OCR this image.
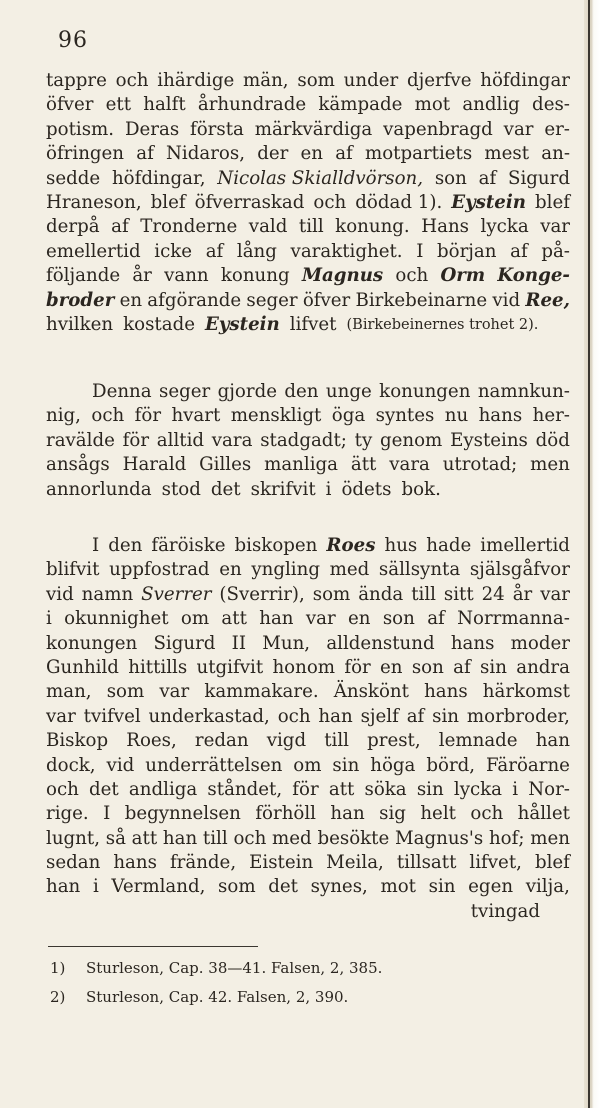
96
tappre och ihärdige män, som under djerfve höfdingar
öfver ett halft århundrade kämpade mot andlig des-
potism. Deras första märkvärdiga vapenbragd var er-
öfringen af Nidaros, der en af motpartiets mest an-
sedde höfdingar, Nicolas Skialldvörson, son af Sigurd
Hraneson, blef öfverraskad och dödad 1). Eystein blef
derpå af Tronderne vald till konung. Hans lycka var
emellertid icke af lång varaktighet. I början af på-
följande år vann konung Magnus och Orm Konge-
broder en afgörande seger öfver Birkebeinarne vid Ree,
hvilken kostade Eystein lifvet (Birkebeinernes trohet 2).
Denna seger gjorde den unge konungen namnkun-
nig, och för hvart menskligt öga syntes nu hans her-
ravälde för alltid vara stadgadt; ty genom Eysteins död
ansågs Harald Gilles manliga ätt vara utrotad; men
annorlunda stod det skrifvit i ödets bok.
I den färöiske biskopen Roes hus hade imellertid
blifvit uppfostrad en yngling med sällsynta själsgåfvor
vid namn Sverrer (Sverrir), som ända till sitt 24 år var
i okunnighet om att han var en son af Norrmanna-
konungen Sigurd II Mun, alldenstund hans moder
Gunhild hittills utgifvit honom för en son af sin andra
man, som var kammakare. Änskönt hans härkomst
var tvifvel underkastad, och han sjelf af sin morbroder,
Biskop Roes, redan vigd till prest, lemnade han
dock, vid underrättelsen om sin höga börd, Färöarne
och det andliga ståndet, för att söka sin lycka i Nor-
rige. I begynnelsen förhöll han sig helt och hållet
lugnt, så att han till och med besökte Magnus's hof; men
sedan hans frände, Eistein Meila, tillsatt lifvet, blef
han i Vermland, som det synes, mot sin egen vilja,
tvingad
1) Sturleson, Cap. 38—41. Falsen, 2, 385.
2) Sturleson, Cap. 42. Falsen, 2, 390.
